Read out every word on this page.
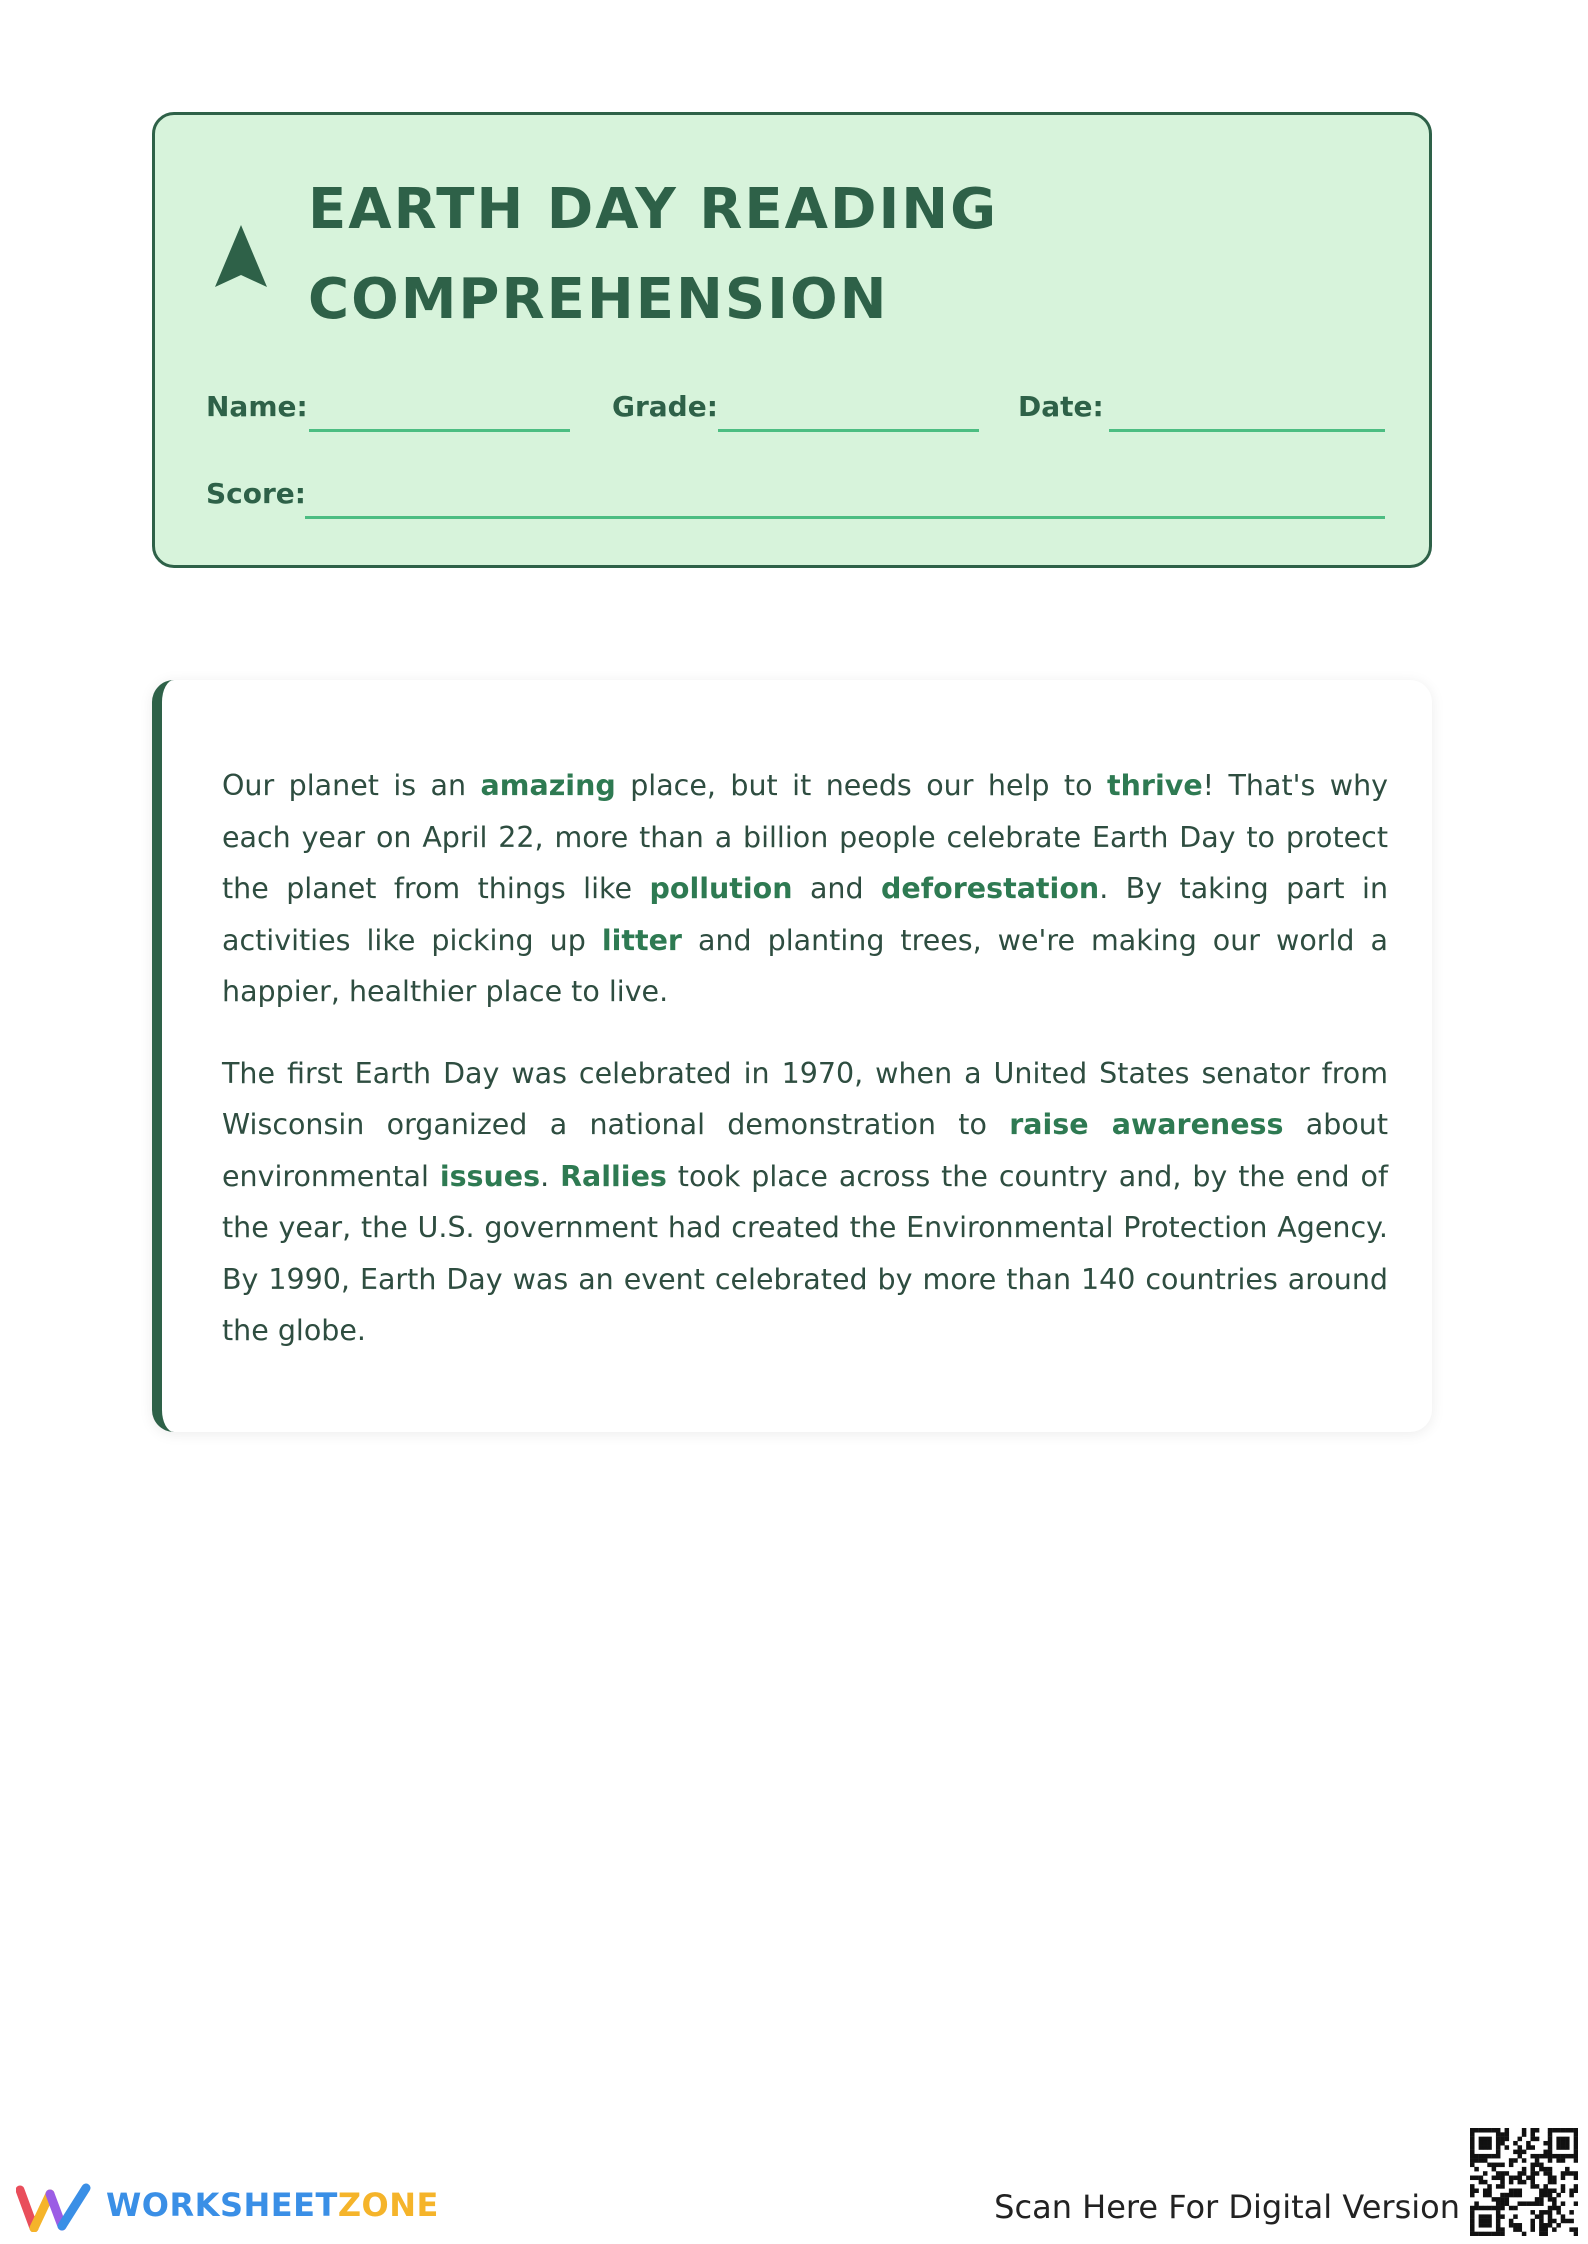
EARTH DAY READING
COMPREHENSION
Name:	Grade:	Date:
Score:

Our planet is an amazing place, but it needs our help to thrive! That's why each year on April 22, more than a billion people celebrate Earth Day to protect the planet from things like pollution and deforestation. By taking part in activities like picking up litter and planting trees, we're making our world a happier, healthier place to live.

The first Earth Day was celebrated in 1970, when a United States senator from Wisconsin organized a national demonstration to raise awareness about environmental issues. Rallies took place across the country and, by the end of the year, the U.S. government had created the Environmental Protection Agency. By 1990, Earth Day was an event celebrated by more than 140 countries around the globe.

WORKSHEETZONE	Scan Here For Digital Version
